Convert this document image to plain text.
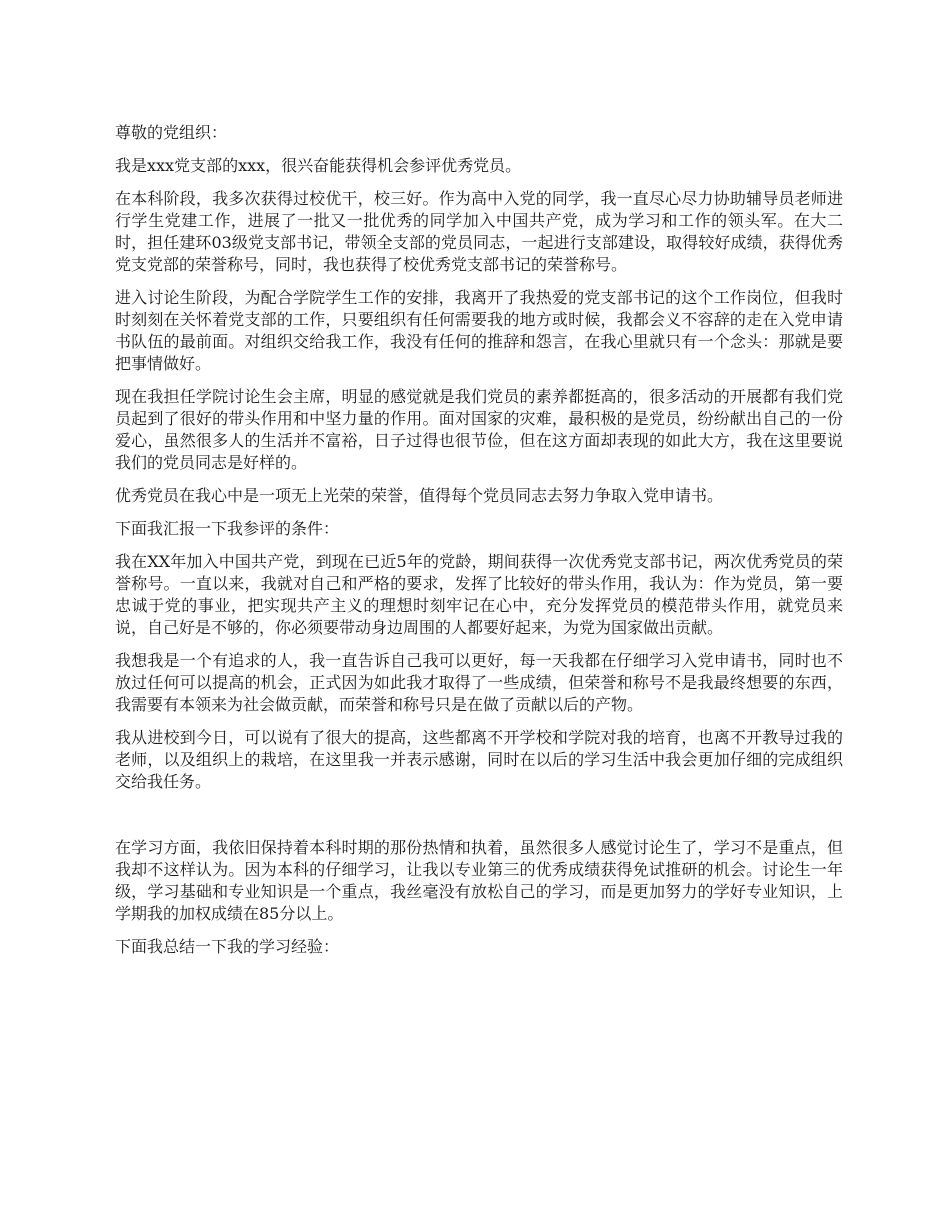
尊敬的党组织：

我是xxx党支部的xxx，很兴奋能获得机会参评优秀党员。

在本科阶段，我多次获得过校优干，校三好。作为高中入党的同学，我一直尽心尽力协助辅导员老师进行学生党建工作，进展了一批又一批优秀的同学加入中国共产党，成为学习和工作的领头军。在大二时，担任建环03级党支部书记，带领全支部的党员同志，一起进行支部建设，取得较好成绩，获得优秀党支党部的荣誉称号，同时，我也获得了校优秀党支部书记的荣誉称号。

进入讨论生阶段，为配合学院学生工作的安排，我离开了我热爱的党支部书记的这个工作岗位，但我时时刻刻在关怀着党支部的工作，只要组织有任何需要我的地方或时候，我都会义不容辞的走在入党申请书队伍的最前面。对组织交给我工作，我没有任何的推辞和怨言，在我心里就只有一个念头：那就是要把事情做好。

现在我担任学院讨论生会主席，明显的感觉就是我们党员的素养都挺高的，很多活动的开展都有我们党员起到了很好的带头作用和中坚力量的作用。面对国家的灾难，最积极的是党员，纷纷献出自己的一份爱心，虽然很多人的生活并不富裕，日子过得也很节俭，但在这方面却表现的如此大方，我在这里要说我们的党员同志是好样的。

优秀党员在我心中是一项无上光荣的荣誉，值得每个党员同志去努力争取入党申请书。

下面我汇报一下我参评的条件：

我在XX年加入中国共产党，到现在已近5年的党龄，期间获得一次优秀党支部书记，两次优秀党员的荣誉称号。一直以来，我就对自己和严格的要求，发挥了比较好的带头作用，我认为：作为党员，第一要忠诚于党的事业，把实现共产主义的理想时刻牢记在心中，充分发挥党员的模范带头作用，就党员来说，自己好是不够的，你必须要带动身边周围的人都要好起来，为党为国家做出贡献。

我想我是一个有追求的人，我一直告诉自己我可以更好，每一天我都在仔细学习入党申请书，同时也不放过任何可以提高的机会，正式因为如此我才取得了一些成绩，但荣誉和称号不是我最终想要的东西，我需要有本领来为社会做贡献，而荣誉和称号只是在做了贡献以后的产物。

我从进校到今日，可以说有了很大的提高，这些都离不开学校和学院对我的培育，也离不开教导过我的老师，以及组织上的栽培，在这里我一并表示感谢，同时在以后的学习生活中我会更加仔细的完成组织交给我任务。

在学习方面，我依旧保持着本科时期的那份热情和执着，虽然很多人感觉讨论生了，学习不是重点，但我却不这样认为。因为本科的仔细学习，让我以专业第三的优秀成绩获得免试推研的机会。讨论生一年级，学习基础和专业知识是一个重点，我丝毫没有放松自己的学习，而是更加努力的学好专业知识，上学期我的加权成绩在85分以上。

下面我总结一下我的学习经验：
